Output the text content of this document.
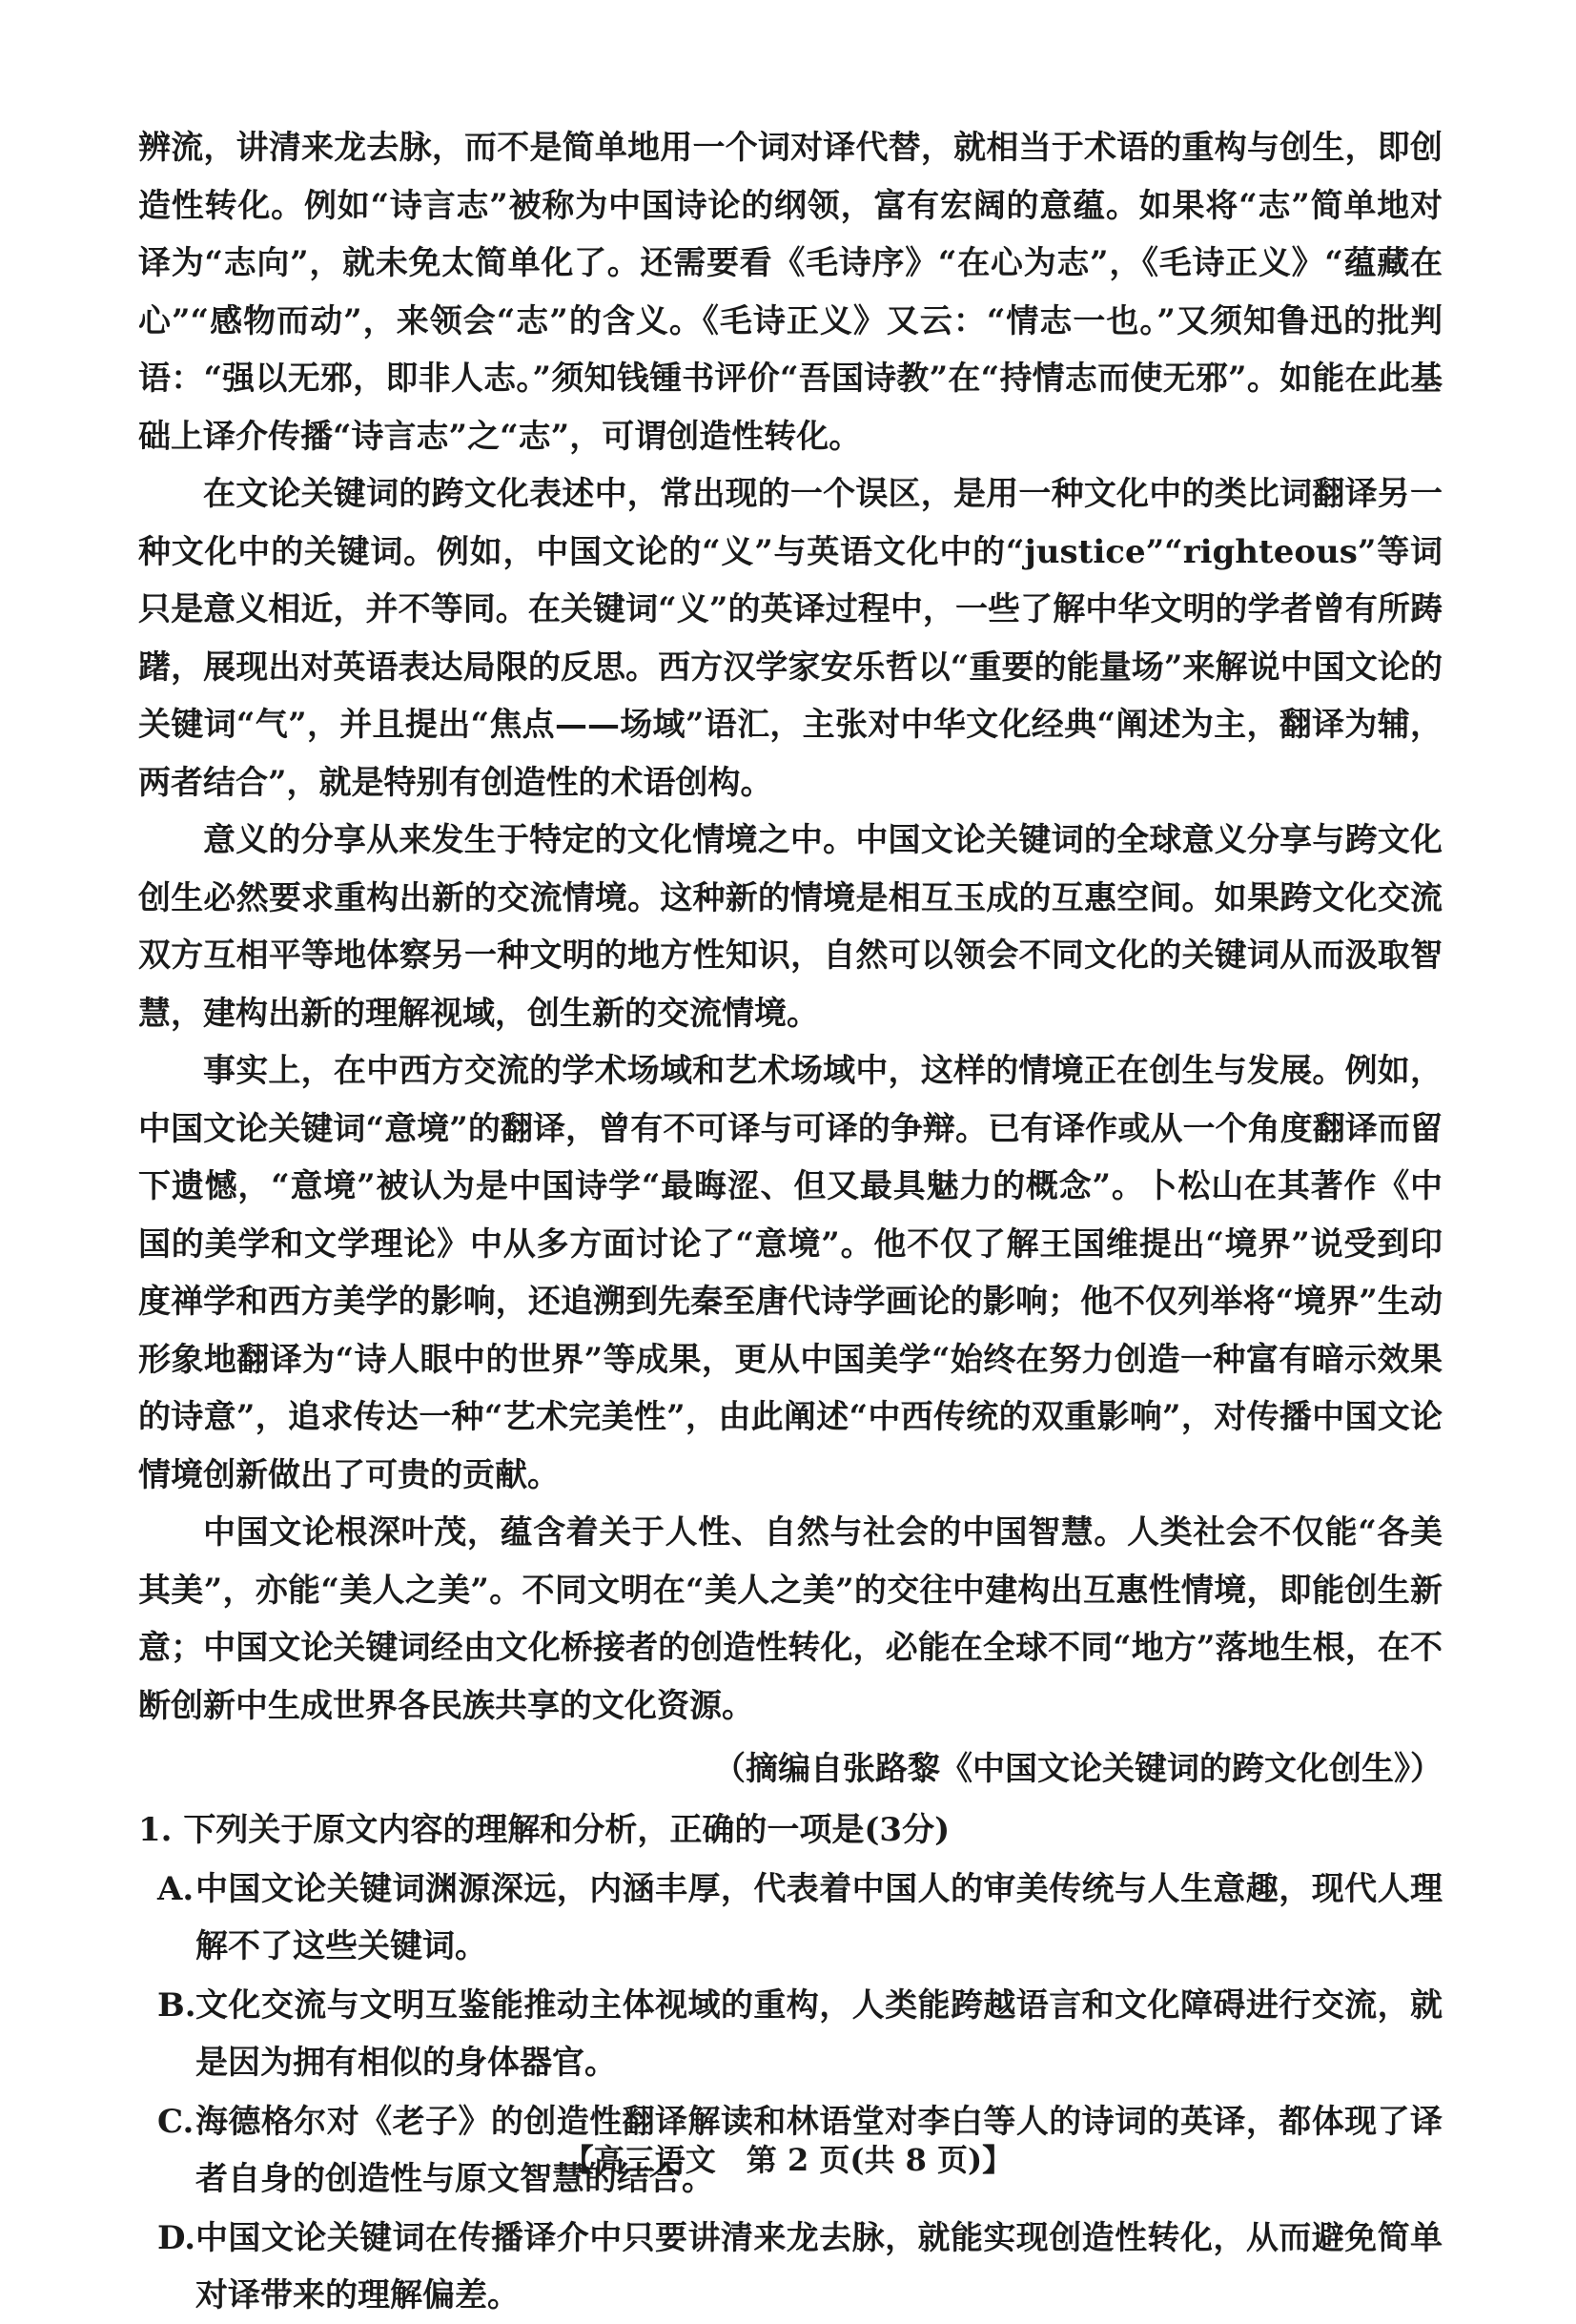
辨流，讲清来龙去脉，而不是简单地用一个词对译代替，就相当于术语的重构与创生，即创造性转化。例如“诗言志”被称为中国诗论的纲领，富有宏阔的意蕴。如果将“志”简单地对译为“志向”，就未免太简单化了。还需要看《毛诗序》“在心为志”，《毛诗正义》“蕴藏在心”“感物而动”，来领会“志”的含义。《毛诗正义》又云：“情志一也。”又须知鲁迅的批判语：“强以无邪，即非人志。”须知钱锺书评价“吾国诗教”在“持情志而使无邪”。如能在此基础上译介传播“诗言志”之“志”，可谓创造性转化。

在文论关键词的跨文化表述中，常出现的一个误区，是用一种文化中的类比词翻译另一种文化中的关键词。例如，中国文论的“义”与英语文化中的“justice”“righteous”等词只是意义相近，并不等同。在关键词“义”的英译过程中，一些了解中华文明的学者曾有所踌躇，展现出对英语表达局限的反思。西方汉学家安乐哲以“重要的能量场”来解说中国文论的关键词“气”，并且提出“焦点——场域”语汇，主张对中华文化经典“阐述为主，翻译为辅，两者结合”，就是特别有创造性的术语创构。

意义的分享从来发生于特定的文化情境之中。中国文论关键词的全球意义分享与跨文化创生必然要求重构出新的交流情境。这种新的情境是相互玉成的互惠空间。如果跨文化交流双方互相平等地体察另一种文明的地方性知识，自然可以领会不同文化的关键词从而汲取智慧，建构出新的理解视域，创生新的交流情境。

事实上，在中西方交流的学术场域和艺术场域中，这样的情境正在创生与发展。例如，中国文论关键词“意境”的翻译，曾有不可译与可译的争辩。已有译作或从一个角度翻译而留下遗憾，“意境”被认为是中国诗学“最晦涩、但又最具魅力的概念”。卜松山在其著作《中国的美学和文学理论》中从多方面讨论了“意境”。他不仅了解王国维提出“境界”说受到印度禅学和西方美学的影响，还追溯到先秦至唐代诗学画论的影响；他不仅列举将“境界”生动形象地翻译为“诗人眼中的世界”等成果，更从中国美学“始终在努力创造一种富有暗示效果的诗意”，追求传达一种“艺术完美性”，由此阐述“中西传统的双重影响”，对传播中国文论情境创新做出了可贵的贡献。

中国文论根深叶茂，蕴含着关于人性、自然与社会的中国智慧。人类社会不仅能“各美其美”，亦能“美人之美”。不同文明在“美人之美”的交往中建构出互惠性情境，即能创生新意；中国文论关键词经由文化桥接者的创造性转化，必能在全球不同“地方”落地生根，在不断创新中生成世界各民族共享的文化资源。

（摘编自张路黎《中国文论关键词的跨文化创生》）

1. 下列关于原文内容的理解和分析，正确的一项是(3分)

A. 中国文论关键词渊源深远，内涵丰厚，代表着中国人的审美传统与人生意趣，现代人理解不了这些关键词。
B. 文化交流与文明互鉴能推动主体视域的重构，人类能跨越语言和文化障碍进行交流，就是因为拥有相似的身体器官。
C. 海德格尔对《老子》的创造性翻译解读和林语堂对李白等人的诗词的英译，都体现了译者自身的创造性与原文智慧的结合。
D. 中国文论关键词在传播译介中只要讲清来龙去脉，就能实现创造性转化，从而避免简单对译带来的理解偏差。
【高三语文　第 2 页(共 8 页)】
